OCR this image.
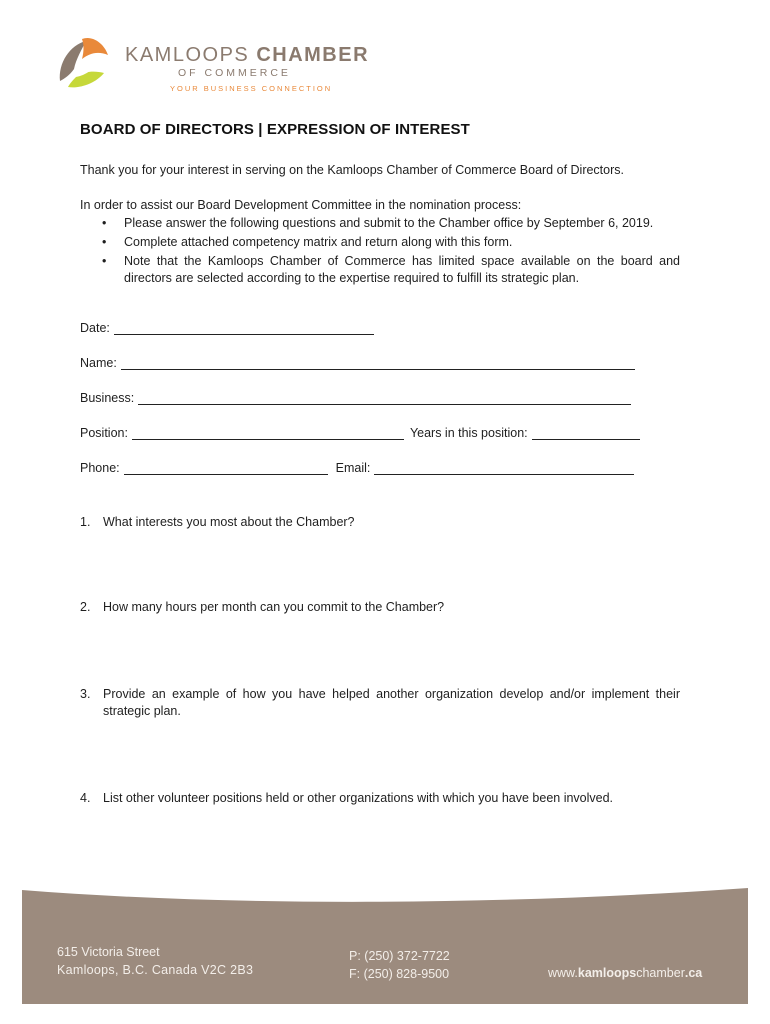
KAMLOOPS CHAMBER
OF COMMERCE
YOUR BUSINESS CONNECTION
BOARD OF DIRECTORS | EXPRESSION OF INTEREST
Thank you for your interest in serving on the Kamloops Chamber of Commerce Board of Directors.
In order to assist our Board Development Committee in the nomination process:
• Please answer the following questions and submit to the Chamber office by September 6, 2019.
• Complete attached competency matrix and return along with this form.
• Note that the Kamloops Chamber of Commerce has limited space available on the board and directors are selected according to the expertise required to fulfill its strategic plan.
Date:
Name:
Business:
Position:	Years in this position:
Phone:	Email:
1.	What interests you most about the Chamber?
2.	How many hours per month can you commit to the Chamber?
3.	Provide an example of how you have helped another organization develop and/or implement their strategic plan.
4.	List other volunteer positions held or other organizations with which you have been involved.
615 Victoria Street
Kamloops, B.C. Canada V2C 2B3
P: (250) 372-7722
F: (250) 828-9500	www.kamloopschamber.ca
